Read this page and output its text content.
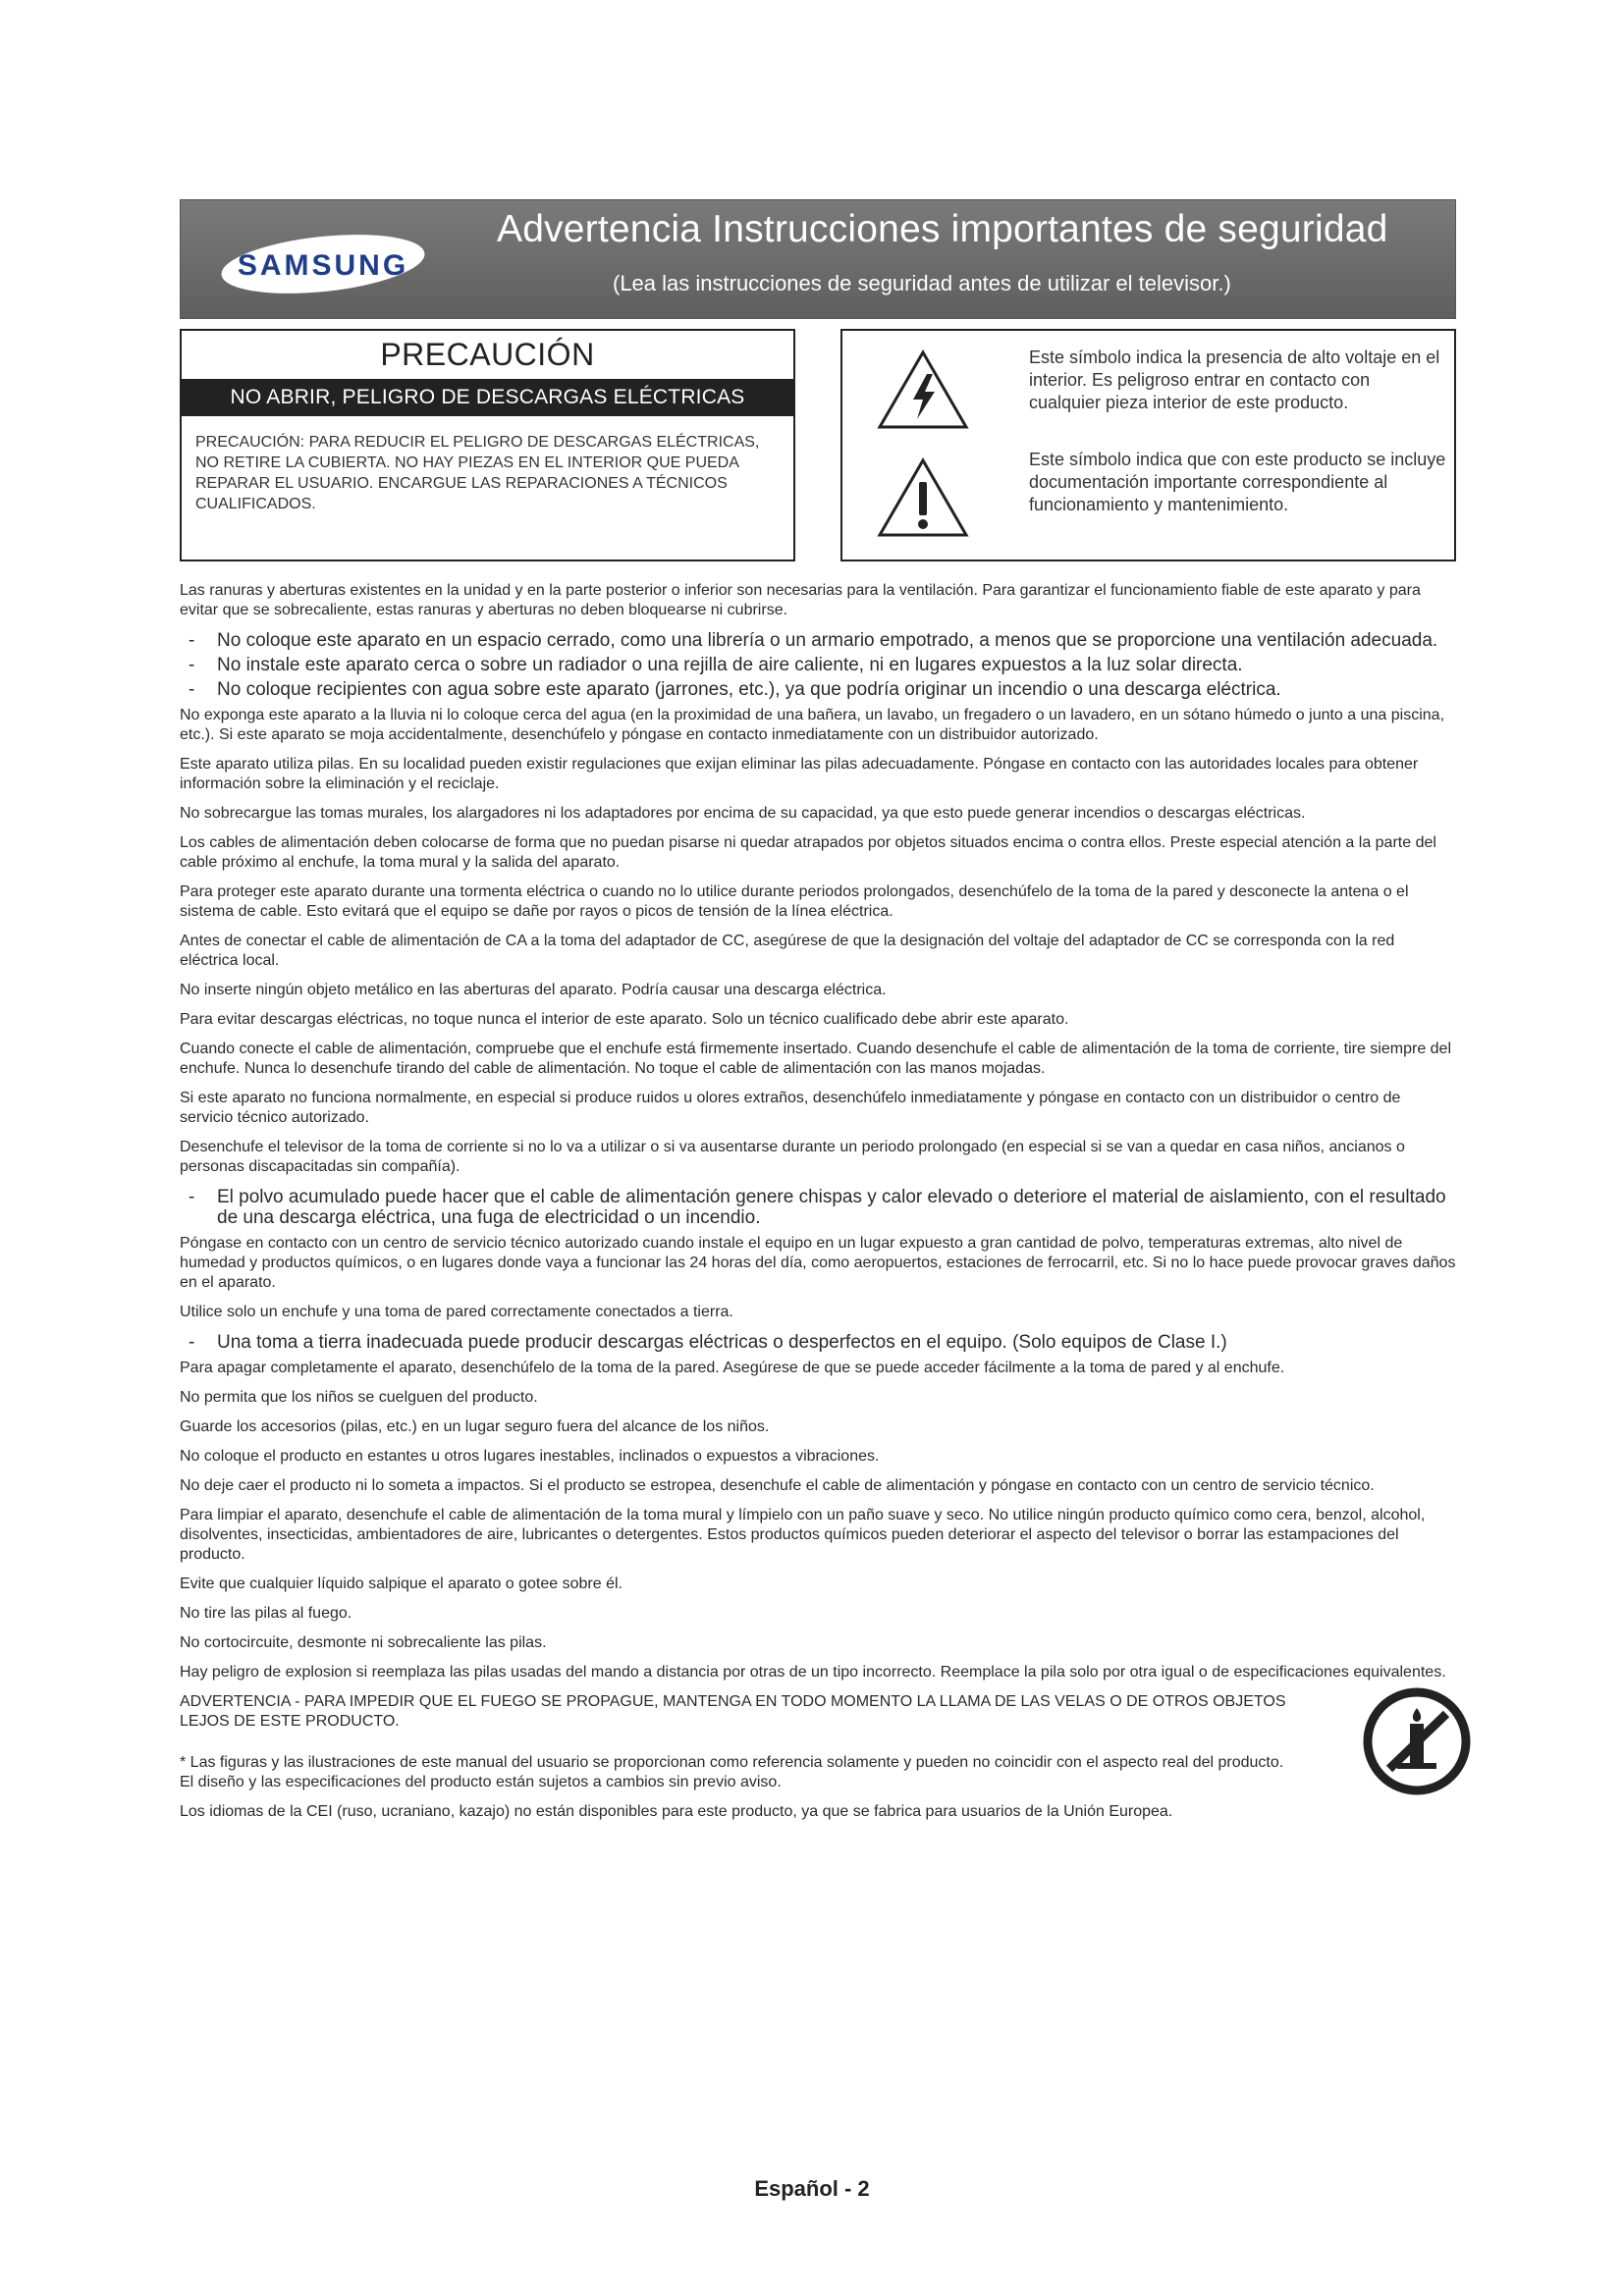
SAMSUNG
Advertencia Instrucciones importantes de seguridad
(Lea las instrucciones de seguridad antes de utilizar el televisor.)
PRECAUCIÓN
NO ABRIR, PELIGRO DE DESCARGAS ELÉCTRICAS
PRECAUCIÓN: PARA REDUCIR EL PELIGRO DE DESCARGAS ELÉCTRICAS, NO RETIRE LA CUBIERTA. NO HAY PIEZAS EN EL INTERIOR QUE PUEDA REPARAR EL USUARIO. ENCARGUE LAS REPARACIONES A TÉCNICOS CUALIFICADOS.
Este símbolo indica la presencia de alto voltaje en el interior. Es peligroso entrar en contacto con cualquier pieza interior de este producto.
Este símbolo indica que con este producto se incluye documentación importante correspondiente al funcionamiento y mantenimiento.

Las ranuras y aberturas existentes en la unidad y en la parte posterior o inferior son necesarias para la ventilación. Para garantizar el funcionamiento fiable de este aparato y para evitar que se sobrecaliente, estas ranuras y aberturas no deben bloquearse ni cubrirse.

- No coloque este aparato en un espacio cerrado, como una librería o un armario empotrado, a menos que se proporcione una ventilación adecuada.
- No instale este aparato cerca o sobre un radiador o una rejilla de aire caliente, ni en lugares expuestos a la luz solar directa.
- No coloque recipientes con agua sobre este aparato (jarrones, etc.), ya que podría originar un incendio o una descarga eléctrica.

No exponga este aparato a la lluvia ni lo coloque cerca del agua (en la proximidad de una bañera, un lavabo, un fregadero o un lavadero, en un sótano húmedo o junto a una piscina, etc.). Si este aparato se moja accidentalmente, desenchúfelo y póngase en contacto inmediatamente con un distribuidor autorizado.

Este aparato utiliza pilas. En su localidad pueden existir regulaciones que exijan eliminar las pilas adecuadamente. Póngase en contacto con las autoridades locales para obtener información sobre la eliminación y el reciclaje.

No sobrecargue las tomas murales, los alargadores ni los adaptadores por encima de su capacidad, ya que esto puede generar incendios o descargas eléctricas.

Los cables de alimentación deben colocarse de forma que no puedan pisarse ni quedar atrapados por objetos situados encima o contra ellos. Preste especial atención a la parte del cable próximo al enchufe, la toma mural y la salida del aparato.

Para proteger este aparato durante una tormenta eléctrica o cuando no lo utilice durante periodos prolongados, desenchúfelo de la toma de la pared y desconecte la antena o el sistema de cable. Esto evitará que el equipo se dañe por rayos o picos de tensión de la línea eléctrica.

Antes de conectar el cable de alimentación de CA a la toma del adaptador de CC, asegúrese de que la designación del voltaje del adaptador de CC se corresponda con la red eléctrica local.

No inserte ningún objeto metálico en las aberturas del aparato. Podría causar una descarga eléctrica.

Para evitar descargas eléctricas, no toque nunca el interior de este aparato. Solo un técnico cualificado debe abrir este aparato.

Cuando conecte el cable de alimentación, compruebe que el enchufe está firmemente insertado. Cuando desenchufe el cable de alimentación de la toma de corriente, tire siempre del enchufe. Nunca lo desenchufe tirando del cable de alimentación. No toque el cable de alimentación con las manos mojadas.

Si este aparato no funciona normalmente, en especial si produce ruidos u olores extraños, desenchúfelo inmediatamente y póngase en contacto con un distribuidor o centro de servicio técnico autorizado.

Desenchufe el televisor de la toma de corriente si no lo va a utilizar o si va ausentarse durante un periodo prolongado (en especial si se van a quedar en casa niños, ancianos o personas discapacitadas sin compañía).

- El polvo acumulado puede hacer que el cable de alimentación genere chispas y calor elevado o deteriore el material de aislamiento, con el resultado de una descarga eléctrica, una fuga de electricidad o un incendio.

Póngase en contacto con un centro de servicio técnico autorizado cuando instale el equipo en un lugar expuesto a gran cantidad de polvo, temperaturas extremas, alto nivel de humedad y productos químicos, o en lugares donde vaya a funcionar las 24 horas del día, como aeropuertos, estaciones de ferrocarril, etc. Si no lo hace puede provocar graves daños en el aparato.

Utilice solo un enchufe y una toma de pared correctamente conectados a tierra.

- Una toma a tierra inadecuada puede producir descargas eléctricas o desperfectos en el equipo. (Solo equipos de Clase I.)

Para apagar completamente el aparato, desenchúfelo de la toma de la pared. Asegúrese de que se puede acceder fácilmente a la toma de pared y al enchufe.

No permita que los niños se cuelguen del producto.

Guarde los accesorios (pilas, etc.) en un lugar seguro fuera del alcance de los niños.

No coloque el producto en estantes u otros lugares inestables, inclinados o expuestos a vibraciones.

No deje caer el producto ni lo someta a impactos. Si el producto se estropea, desenchufe el cable de alimentación y póngase en contacto con un centro de servicio técnico.

Para limpiar el aparato, desenchufe el cable de alimentación de la toma mural y límpielo con un paño suave y seco. No utilice ningún producto químico como cera, benzol, alcohol, disolventes, insecticidas, ambientadores de aire, lubricantes o detergentes. Estos productos químicos pueden deteriorar el aspecto del televisor o borrar las estampaciones del producto.

Evite que cualquier líquido salpique el aparato o gotee sobre él.

No tire las pilas al fuego.

No cortocircuite, desmonte ni sobrecaliente las pilas.

Hay peligro de explosion si reemplaza las pilas usadas del mando a distancia por otras de un tipo incorrecto. Reemplace la pila solo por otra igual o de especificaciones equivalentes.

ADVERTENCIA - PARA IMPEDIR QUE EL FUEGO SE PROPAGUE, MANTENGA EN TODO MOMENTO LA LLAMA DE LAS VELAS O DE OTROS OBJETOS LEJOS DE ESTE PRODUCTO.

* Las figuras y las ilustraciones de este manual del usuario se proporcionan como referencia solamente y pueden no coincidir con el aspecto real del producto. El diseño y las especificaciones del producto están sujetos a cambios sin previo aviso.

Los idiomas de la CEI (ruso, ucraniano, kazajo) no están disponibles para este producto, ya que se fabrica para usuarios de la Unión Europea.

Español - 2
